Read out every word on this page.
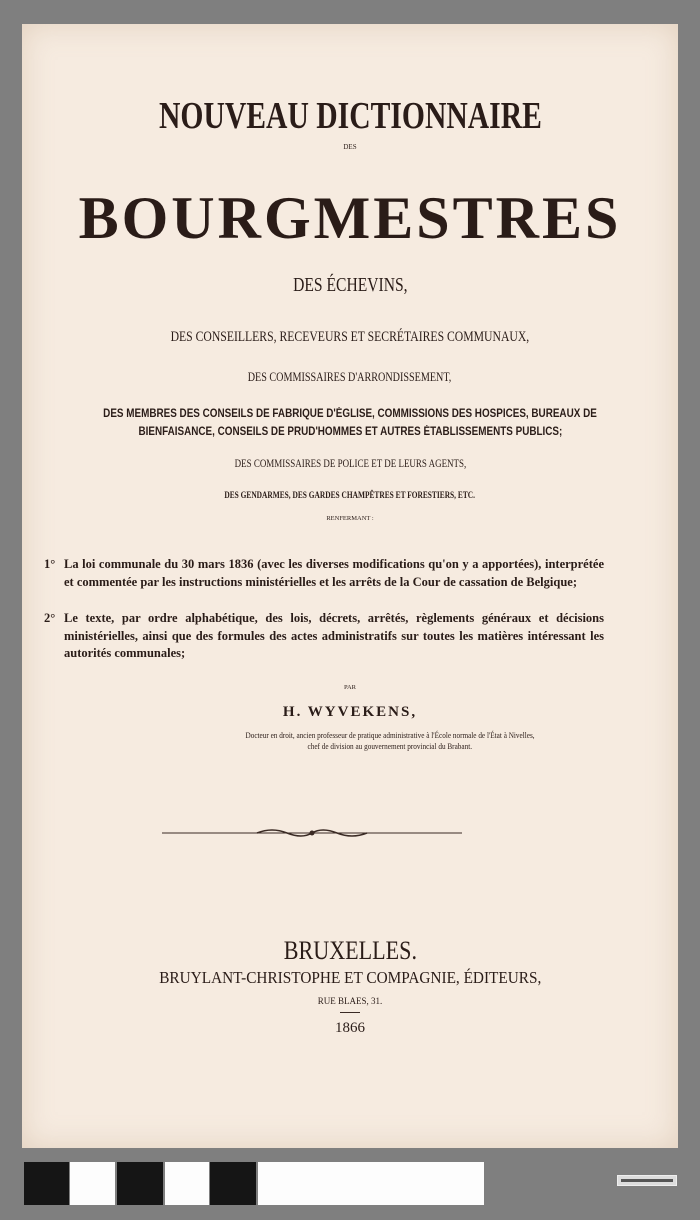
NOUVEAU DICTIONNAIRE
DES
BOURGMESTRES
DES ÉCHEVINS,
DES CONSEILLERS, RECEVEURS ET SECRÉTAIRES COMMUNAUX,
DES COMMISSAIRES D'ARRONDISSEMENT,
DES MEMBRES DES CONSEILS DE FABRIQUE D'ÉGLISE, COMMISSIONS DES HOSPICES, BUREAUX DE
BIENFAISANCE, CONSEILS DE PRUD'HOMMES ET AUTRES ÉTABLISSEMENTS PUBLICS;
DES COMMISSAIRES DE POLICE ET DE LEURS AGENTS,
DES GENDARMES, DES GARDES CHAMPÊTRES ET FORESTIERS, ETC.
RENFERMANT :
1° La loi communale du 30 mars 1836 (avec les diverses modifications qu'on y a apportées), interprétée et commentée par les instructions ministérielles et les arrêts de la Cour de cassation de Belgique;
2° Le texte, par ordre alphabétique, des lois, décrets, arrêtés, règlements généraux et décisions ministérielles, ainsi que des formules des actes administratifs sur toutes les matières intéressant les autorités communales;
PAR
H. WYVEKENS,
Docteur en droit, ancien professeur de pratique administrative à l'École normale de l'État à Nivelles,
chef de division au gouvernement provincial du Brabant.
BRUXELLES.
BRUYLANT-CHRISTOPHE ET COMPAGNIE, ÉDITEURS,
RUE BLAES, 31.
1866
